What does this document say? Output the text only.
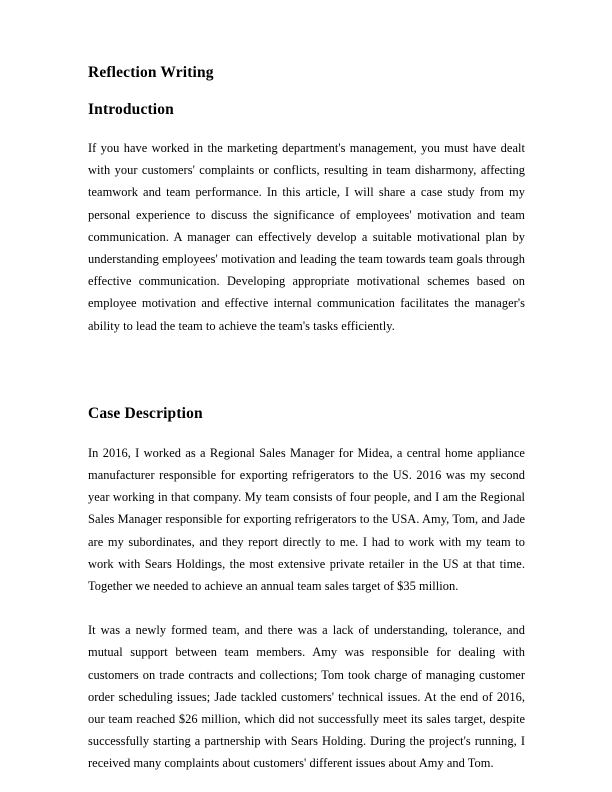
Reflection Writing
Introduction

If you have worked in the marketing department's management, you must have dealt with your customers' complaints or conflicts, resulting in team disharmony, affecting teamwork and team performance. In this article, I will share a case study from my personal experience to discuss the significance of employees' motivation and team communication. A manager can effectively develop a suitable motivational plan by understanding employees' motivation and leading the team towards team goals through effective communication. Developing appropriate motivational schemes based on employee motivation and effective internal communication facilitates the manager's ability to lead the team to achieve the team's tasks efficiently.

Case Description

In 2016, I worked as a Regional Sales Manager for Midea, a central home appliance manufacturer responsible for exporting refrigerators to the US. 2016 was my second year working in that company. My team consists of four people, and I am the Regional Sales Manager responsible for exporting refrigerators to the USA. Amy, Tom, and Jade are my subordinates, and they report directly to me. I had to work with my team to work with Sears Holdings, the most extensive private retailer in the US at that time. Together we needed to achieve an annual team sales target of $35 million.

It was a newly formed team, and there was a lack of understanding, tolerance, and mutual support between team members. Amy was responsible for dealing with customers on trade contracts and collections; Tom took charge of managing customer order scheduling issues; Jade tackled customers' technical issues. At the end of 2016, our team reached $26 million, which did not successfully meet its sales target, despite successfully starting a partnership with Sears Holding. During the project's running, I received many complaints about customers' different issues about Amy and Tom.
